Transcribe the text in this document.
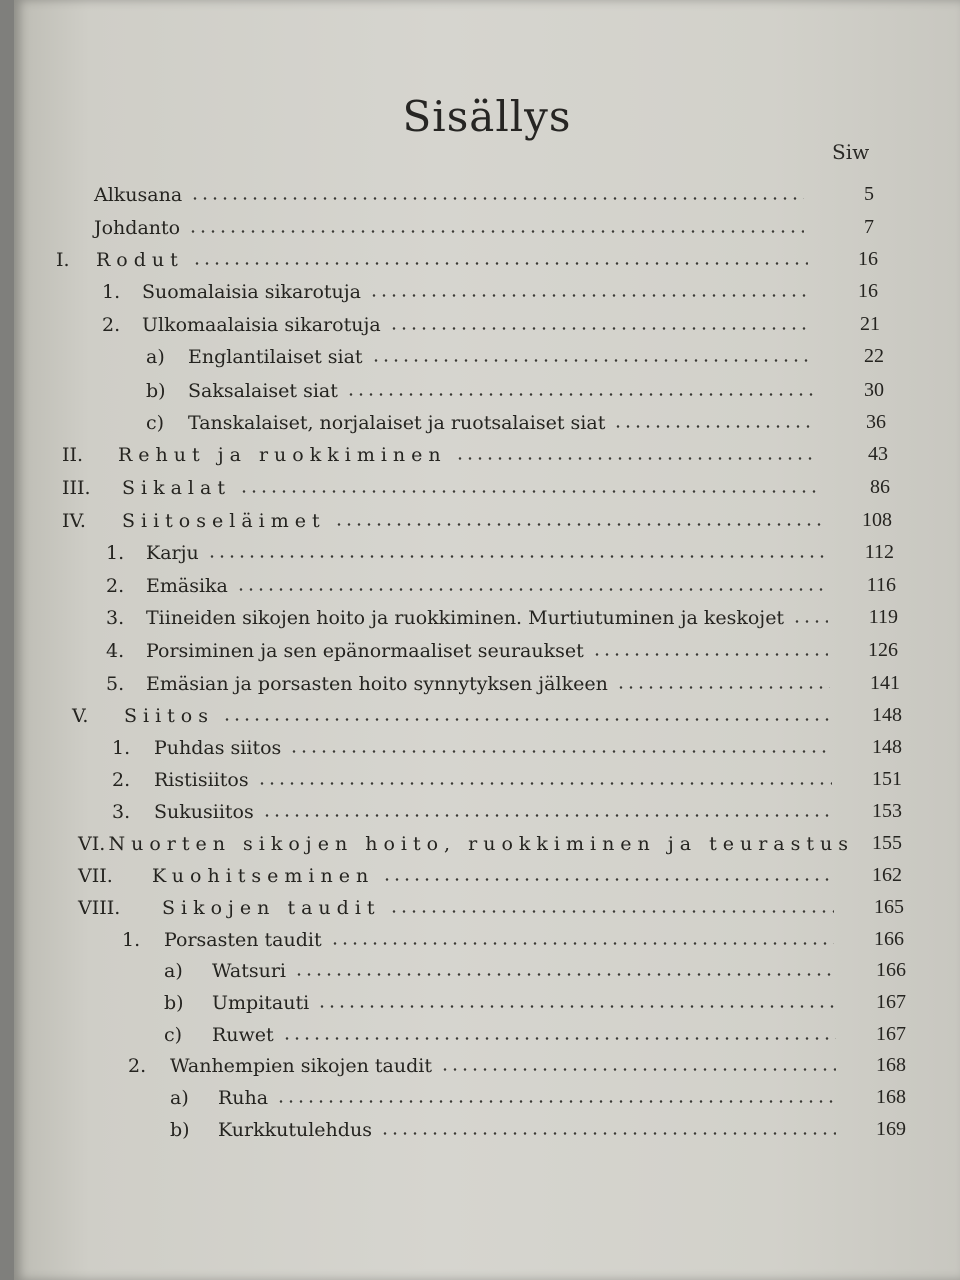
Sisällys
Siw
Alkusana	5
Johdanto	7
I.	Rodut	16
1.	Suomalaisia sikarotuja	16
2.	Ulkomaalaisia sikarotuja	21
a)	Englantilaiset siat	22
b)	Saksalaiset siat	30
c)	Tanskalaiset, norjalaiset ja ruotsalaiset siat	36
II.	Rehut ja ruokkiminen	43
III.	Sikalat	86
IV.	Siitoseläimet	108
1.	Karju	112
2.	Emäsika	116
3.	Tiineiden sikojen hoito ja ruokkiminen. Murtiutuminen ja keskojet	119
4.	Porsiminen ja sen epänormaaliset seuraukset	126
5.	Emäsian ja porsasten hoito synnytyksen jälkeen	141
V.	Siitos	148
1.	Puhdas siitos	148
2.	Ristisiitos	151
3.	Sukusiitos	153
VI. Nuorten sikojen hoito, ruokkiminen ja teurastus 155
VII.	Kuohitseminen	162
VIII.	Sikojen taudit	165
1.	Porsasten taudit	166
a)	Watsuri	166
b)	Umpitauti	167
c)	Ruwet	167
2.	Wanhempien sikojen taudit	168
a)	Ruha	168
b)	Kurkkutulehdus	169
